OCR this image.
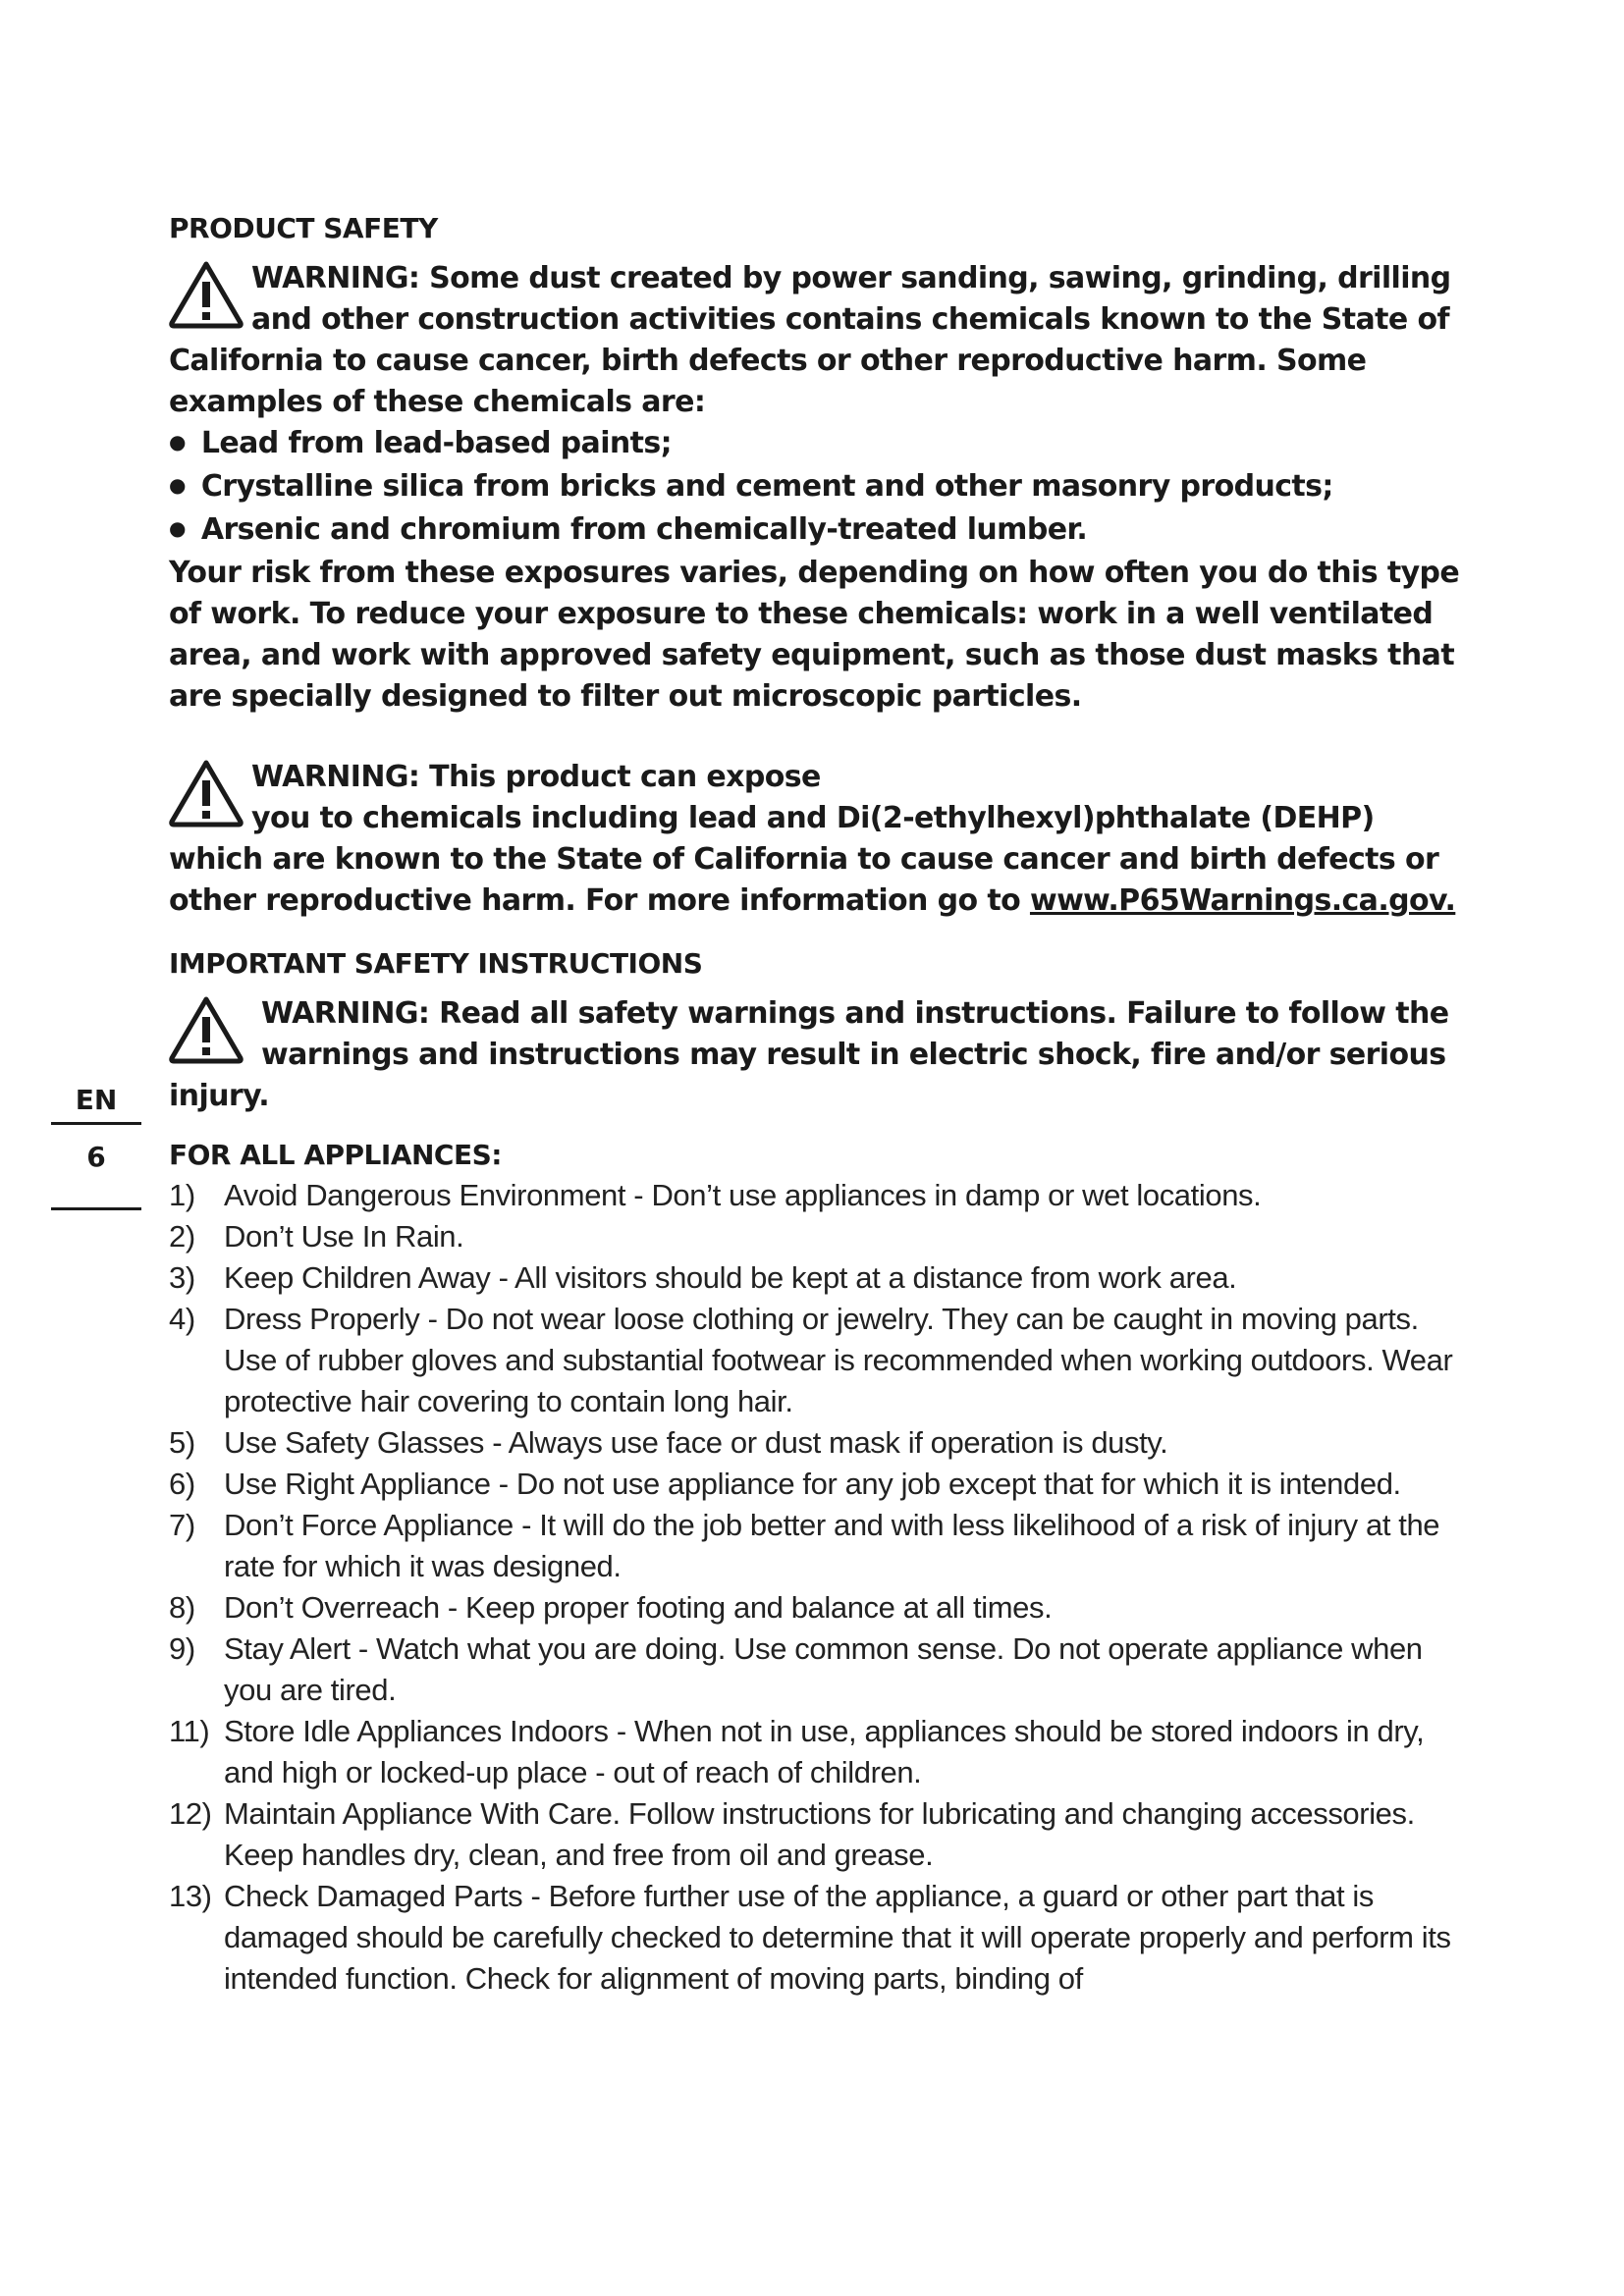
EN
6
PRODUCT SAFETY
WARNING: Some dust created by power sanding, sawing, grinding, drilling and other construction activities contains chemicals known to the State of California to cause cancer, birth defects or other reproductive harm. Some examples of these chemicals are:
● Lead from lead-based paints;
● Crystalline silica from bricks and cement and other masonry products;
● Arsenic and chromium from chemically-treated lumber.
Your risk from these exposures varies, depending on how often you do this type of work. To reduce your exposure to these chemicals: work in a well ventilated area, and work with approved safety equipment, such as those dust masks that are specially designed to filter out microscopic particles.
WARNING: This product can expose
you to chemicals including lead and Di(2-ethylhexyl)phthalate (DEHP) which are known to the State of California to cause cancer and birth defects or other reproductive harm. For more information go to www.P65Warnings.ca.gov.
IMPORTANT SAFETY INSTRUCTIONS
WARNING: Read all safety warnings and instructions. Failure to follow the warnings and instructions may result in electric shock, fire and/or serious injury.
FOR ALL APPLIANCES:
1) Avoid Dangerous Environment - Don’t use appliances in damp or wet locations.
2) Don’t Use In Rain.
3) Keep Children Away - All visitors should be kept at a distance from work area.
4) Dress Properly - Do not wear loose clothing or jewelry. They can be caught in moving parts. Use of rubber gloves and substantial footwear is recommended when working outdoors. Wear protective hair covering to contain long hair.
5) Use Safety Glasses - Always use face or dust mask if operation is dusty.
6) Use Right Appliance - Do not use appliance for any job except that for which it is intended.
7) Don’t Force Appliance - It will do the job better and with less likelihood of a risk of injury at the rate for which it was designed.
8) Don’t Overreach - Keep proper footing and balance at all times.
9) Stay Alert - Watch what you are doing. Use common sense. Do not operate appliance when you are tired.
11) Store Idle Appliances Indoors - When not in use, appliances should be stored indoors in dry, and high or locked-up place - out of reach of children.
12) Maintain Appliance With Care. Follow instructions for lubricating and changing accessories. Keep handles dry, clean, and free from oil and grease.
13) Check Damaged Parts - Before further use of the appliance, a guard or other part that is damaged should be carefully checked to determine that it will operate properly and perform its intended function. Check for alignment of moving parts, binding of
